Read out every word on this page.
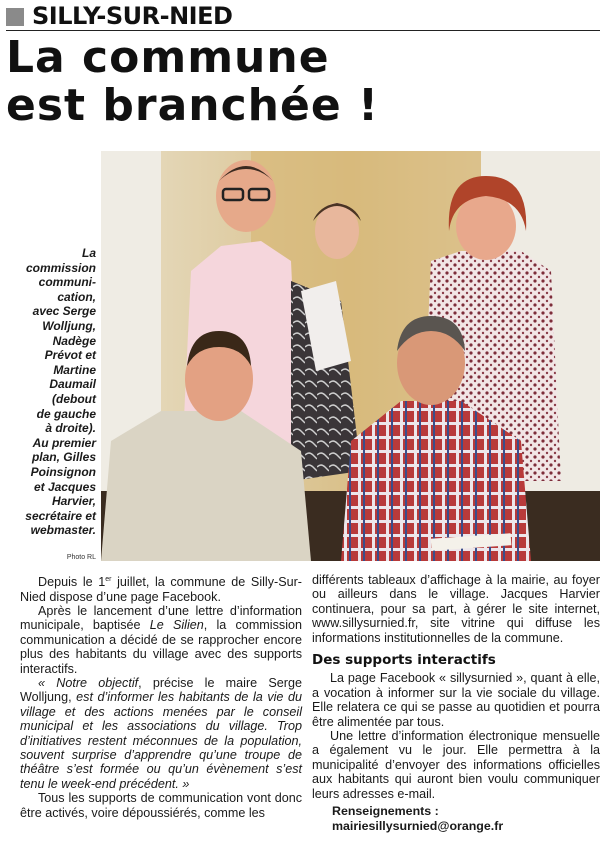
SILLY-SUR-NIED
La commune
est branchée !
La
commission
communi-
cation,
avec Serge
Wolljung,
Nadège
Prévot et
Martine
Daumail
(debout
de gauche
à droite).
Au premier
plan, Gilles
Poinsignon
et Jacques
Harvier,
secrétaire et
webmaster.
Photo RL

Depuis le 1er juillet, la commune de Silly-Sur-Nied dispose d’une page Facebook.

Après le lancement d’une lettre d’information municipale, baptisée Le Silien, la commission communication a décidé de se rapprocher encore plus des habitants du village avec des supports interactifs.

« Notre objectif, précise le maire Serge Wolljung, est d’informer les habitants de la vie du village et des actions menées par le conseil municipal et les associations du village. Trop d’initiatives restent méconnues de la population, souvent surprise d’apprendre qu’une troupe de théâtre s’est formée ou qu’un évènement s’est tenu le week-end précédent. »

Tous les supports de communication vont donc être activés, voire dépoussiérés, comme les

différents tableaux d’affichage à la mairie, au foyer ou ailleurs dans le village. Jacques Harvier continuera, pour sa part, à gérer le site internet, www.sillysurnied.fr, site vitrine qui diffuse les informations institutionnelles de la commune.

Des supports interactifs

La page Facebook « sillysurnied », quant à elle, a vocation à informer sur la vie sociale du village. Elle relatera ce qui se passe au quotidien et pourra être alimentée par tous.

Une lettre d’information électronique mensuelle a également vu le jour. Elle permettra à la municipalité d’envoyer des informations officielles aux habitants qui auront bien voulu communiquer leurs adresses e-mail.

Renseignements :
mairiesillysurnied@orange.fr
